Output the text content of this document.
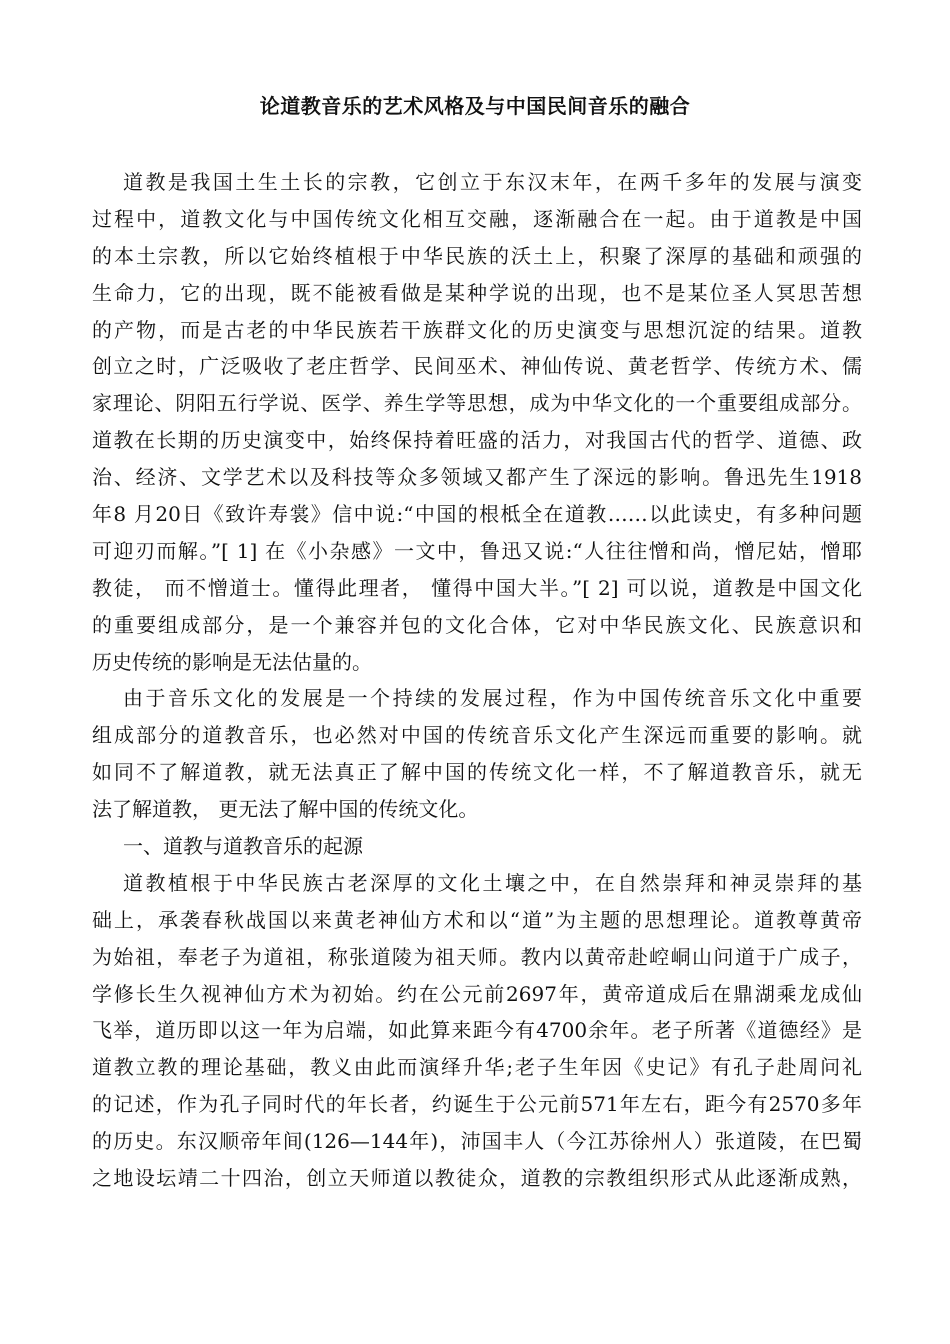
论道教音乐的艺术风格及与中国民间音乐的融合
道教是我国土生土长的宗教，它创立于东汉末年，在两千多年的发展与演变
过程中，道教文化与中国传统文化相互交融，逐渐融合在一起。由于道教是中国
的本土宗教，所以它始终植根于中华民族的沃土上，积聚了深厚的基础和顽强的
生命力，它的出现，既不能被看做是某种学说的出现，也不是某位圣人冥思苦想
的产物，而是古老的中华民族若干族群文化的历史演变与思想沉淀的结果。道教
创立之时，广泛吸收了老庄哲学、民间巫术、神仙传说、黄老哲学、传统方术、儒
家理论、阴阳五行学说、医学、养生学等思想，成为中华文化的一个重要组成部分。
道教在长期的历史演变中，始终保持着旺盛的活力，对我国古代的哲学、道德、政
治、经济、文学艺术以及科技等众多领域又都产生了深远的影响。鲁迅先生1918
年8 月20日《致许寿裳》信中说:“中国的根柢全在道教……以此读史，有多种问题
可迎刃而解。”[ 1] 在《小杂感》一文中，鲁迅又说:“人往往憎和尚，憎尼姑，憎耶
教徒， 而不憎道士。懂得此理者， 懂得中国大半。”[ 2] 可以说，道教是中国文化
的重要组成部分，是一个兼容并包的文化合体，它对中华民族文化、民族意识和
历史传统的影响是无法估量的。
由于音乐文化的发展是一个持续的发展过程，作为中国传统音乐文化中重要
组成部分的道教音乐，也必然对中国的传统音乐文化产生深远而重要的影响。就
如同不了解道教，就无法真正了解中国的传统文化一样，不了解道教音乐，就无
法了解道教， 更无法了解中国的传统文化。
一、道教与道教音乐的起源
道教植根于中华民族古老深厚的文化土壤之中，在自然崇拜和神灵崇拜的基
础上，承袭春秋战国以来黄老神仙方术和以“道”为主题的思想理论。道教尊黄帝
为始祖，奉老子为道祖，称张道陵为祖天师。教内以黄帝赴崆峒山问道于广成子，
学修长生久视神仙方术为初始。约在公元前2697年，黄帝道成后在鼎湖乘龙成仙
飞举，道历即以这一年为启端，如此算来距今有4700余年。老子所著《道德经》是
道教立教的理论基础，教义由此而演绎升华;老子生年因《史记》有孔子赴周问礼
的记述，作为孔子同时代的年长者，约诞生于公元前571年左右，距今有2570多年
的历史。东汉顺帝年间(126—144年)，沛国丰人（今江苏徐州人）张道陵，在巴蜀
之地设坛靖二十四治，创立天师道以教徒众，道教的宗教组织形式从此逐渐成熟，
